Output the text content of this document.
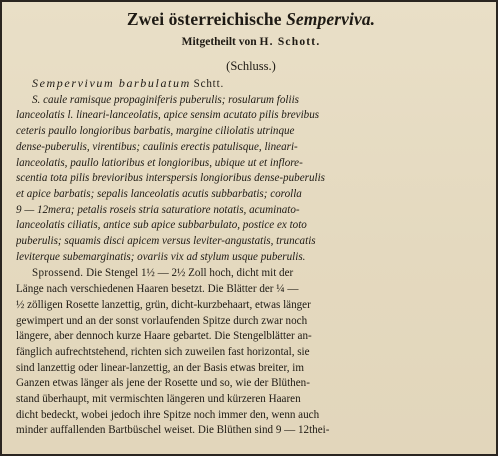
Zwei österreichische Semperviva.
Mitgetheilt von H. Schott.
(Schluss.)
Sempervivum barbulatum Schtt.
S. caule ramisque propaginiferis puberulis; rosularum foliis
lanceolatis l. lineari-lanceolatis, apice sensim acutato pilis brevibus
ceteris paullo longioribus barbatis, margine ciliolatis utrinque
dense-puberulis, virentibus; caulinis erectis patulisque, lineari-
lanceolatis, paullo latioribus et longioribus, ubique ut et inflore-
scentia tota pilis brevioribus interspersis longioribus dense-puberulis
et apice barbatis; sepalis lanceolatis acutis subbarbatis; corolla
9 — 12mera; petalis roseis stria saturatiore notatis, acuminato-
lanceolatis ciliatis, antice sub apice subbarbulato, postice ex toto
puberulis; squamis disci apicem versus leviter-angustatis, truncatis
leviterque subemarginatis; ovariis vix ad stylum usque puberulis.
Sprossend. Die Stengel 1½ — 2½ Zoll hoch, dicht mit der
Länge nach verschiedenen Haaren besetzt. Die Blätter der ¼ —
½ zölligen Rosette lanzettig, grün, dicht-kurzbehaart, etwas länger
gewimpert und an der sonst vorlaufenden Spitze durch zwar noch
längere, aber dennoch kurze Haare gebartet. Die Stengelblätter an-
fänglich aufrechtstehend, richten sich zuweilen fast horizontal, sie
sind lanzettig oder linear-lanzettig, an der Basis etwas breiter, im
Ganzen etwas länger als jene der Rosette und so, wie der Blüthen-
stand überhaupt, mit vermischten längeren und kürzeren Haaren
dicht bedeckt, wobei jedoch ihre Spitze noch immer den, wenn auch
minder auffallenden Bartbüschel weiset. Die Blüthen sind 9 — 12thei-
